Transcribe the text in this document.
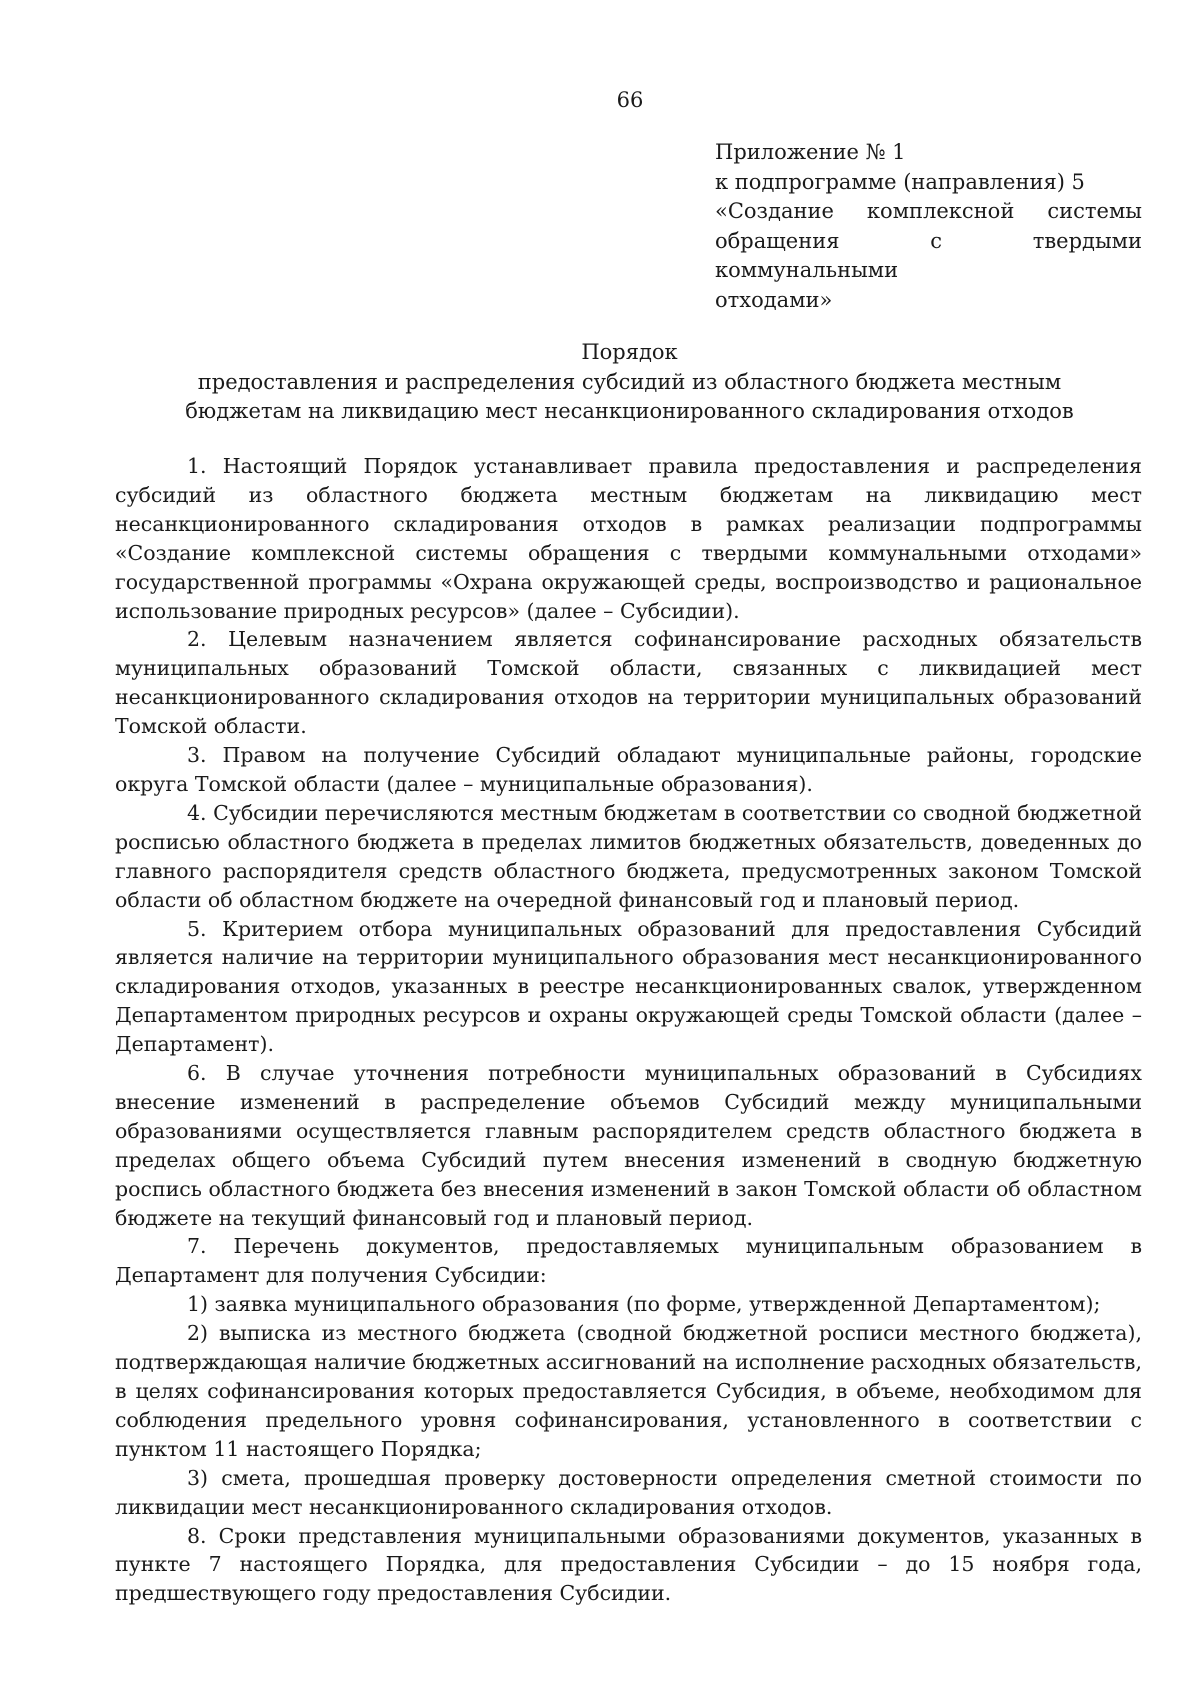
66
Приложение № 1
к подпрограмме (направления) 5
«Создание комплексной системы
обращения с твердыми коммунальными
отходами»
Порядок
предоставления и распределения субсидий из областного бюджета местным
бюджетам на ликвидацию мест несанкционированного складирования отходов

1. Настоящий Порядок устанавливает правила предоставления и распределения субсидий из областного бюджета местным бюджетам на ликвидацию мест несанкционированного складирования отходов в рамках реализации подпрограммы «Создание комплексной системы обращения с твердыми коммунальными отходами» государственной программы «Охрана окружающей среды, воспроизводство и рациональное использование природных ресурсов» (далее – Субсидии).

2. Целевым назначением является софинансирование расходных обязательств муниципальных образований Томской области, связанных с ликвидацией мест несанкционированного складирования отходов на территории муниципальных образований Томской области.

3. Правом на получение Субсидий обладают муниципальные районы, городские округа Томской области (далее – муниципальные образования).

4. Субсидии перечисляются местным бюджетам в соответствии со сводной бюджетной росписью областного бюджета в пределах лимитов бюджетных обязательств, доведенных до главного распорядителя средств областного бюджета, предусмотренных законом Томской области об областном бюджете на очередной финансовый год и плановый период.

5. Критерием отбора муниципальных образований для предоставления Субсидий является наличие на территории муниципального образования мест несанкционированного складирования отходов, указанных в реестре несанкционированных свалок, утвержденном Департаментом природных ресурсов и охраны окружающей среды Томской области (далее – Департамент).

6. В случае уточнения потребности муниципальных образований в Субсидиях внесение изменений в распределение объемов Субсидий между муниципальными образованиями осуществляется главным распорядителем средств областного бюджета в пределах общего объема Субсидий путем внесения изменений в сводную бюджетную роспись областного бюджета без внесения изменений в закон Томской области об областном бюджете на текущий финансовый год и плановый период.

7. Перечень документов, предоставляемых муниципальным образованием в Департамент для получения Субсидии:

1) заявка муниципального образования (по форме, утвержденной Департаментом);

2) выписка из местного бюджета (сводной бюджетной росписи местного бюджета), подтверждающая наличие бюджетных ассигнований на исполнение расходных обязательств, в целях софинансирования которых предоставляется Субсидия, в объеме, необходимом для соблюдения предельного уровня софинансирования, установленного в соответствии с пунктом 11 настоящего Порядка;

3) смета, прошедшая проверку достоверности определения сметной стоимости по ликвидации мест несанкционированного складирования отходов.

8. Сроки представления муниципальными образованиями документов, указанных в пункте 7 настоящего Порядка, для предоставления Субсидии – до 15 ноября года, предшествующего году предоставления Субсидии.
